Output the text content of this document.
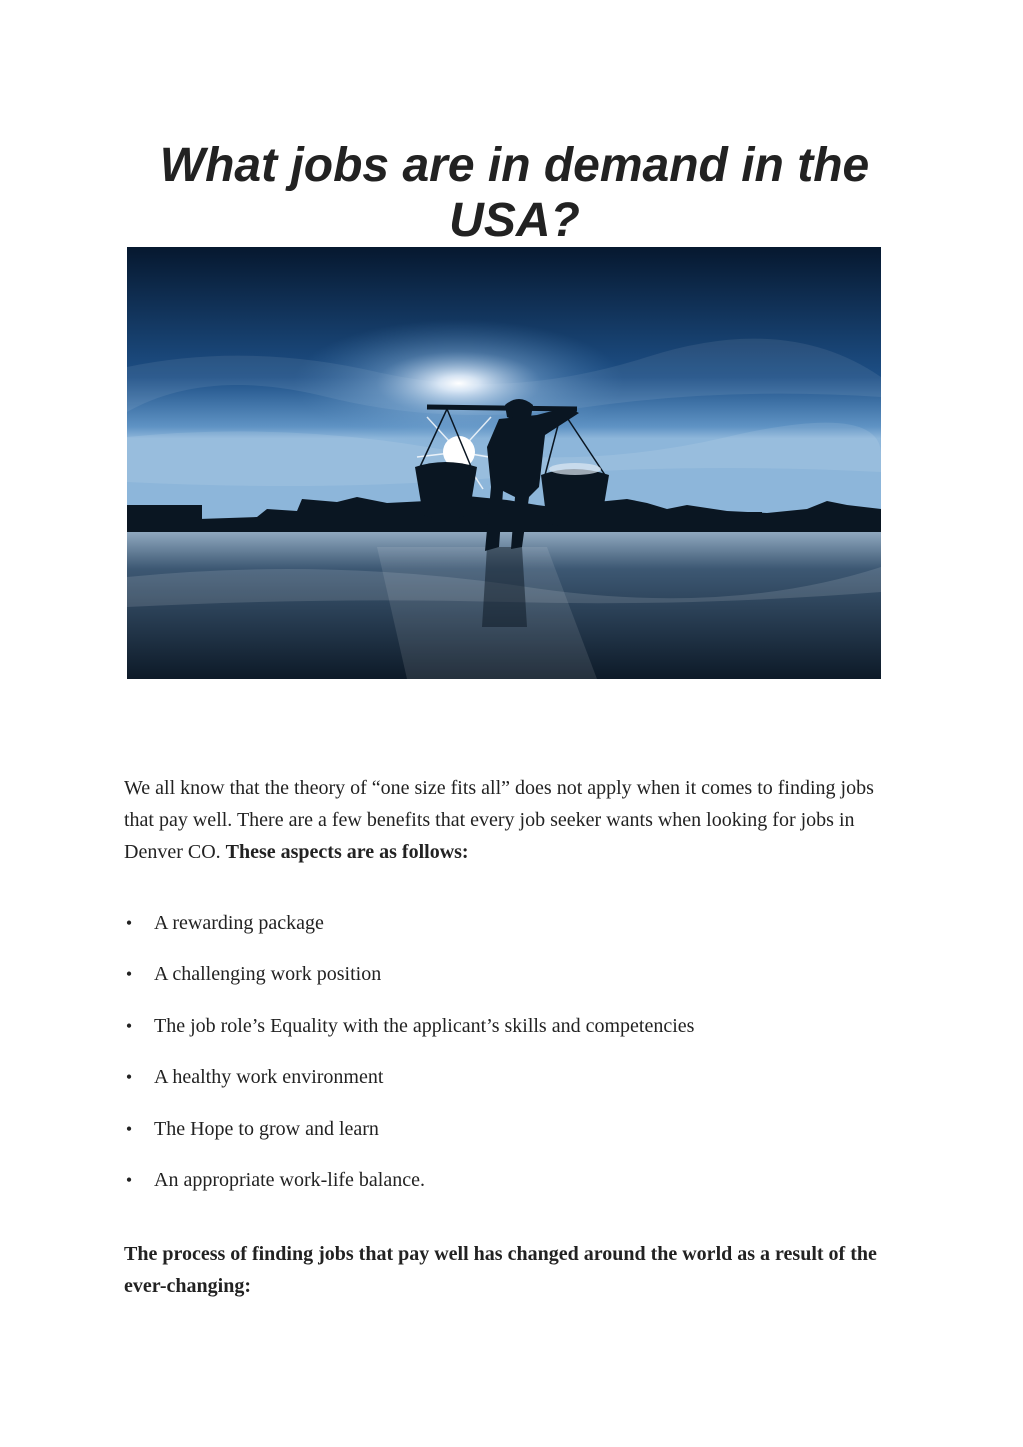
What jobs are in demand in the USA?

We all know that the theory of “one size fits all” does not apply when it comes to finding jobs that pay well. There are a few benefits that every job seeker wants when looking for jobs in Denver CO. These aspects are as follows:

• A rewarding package
• A challenging work position
• The job role’s Equality with the applicant’s skills and competencies
• A healthy work environment
• The Hope to grow and learn
• An appropriate work-life balance.

The process of finding jobs that pay well has changed around the world as a result of the ever-changing:
